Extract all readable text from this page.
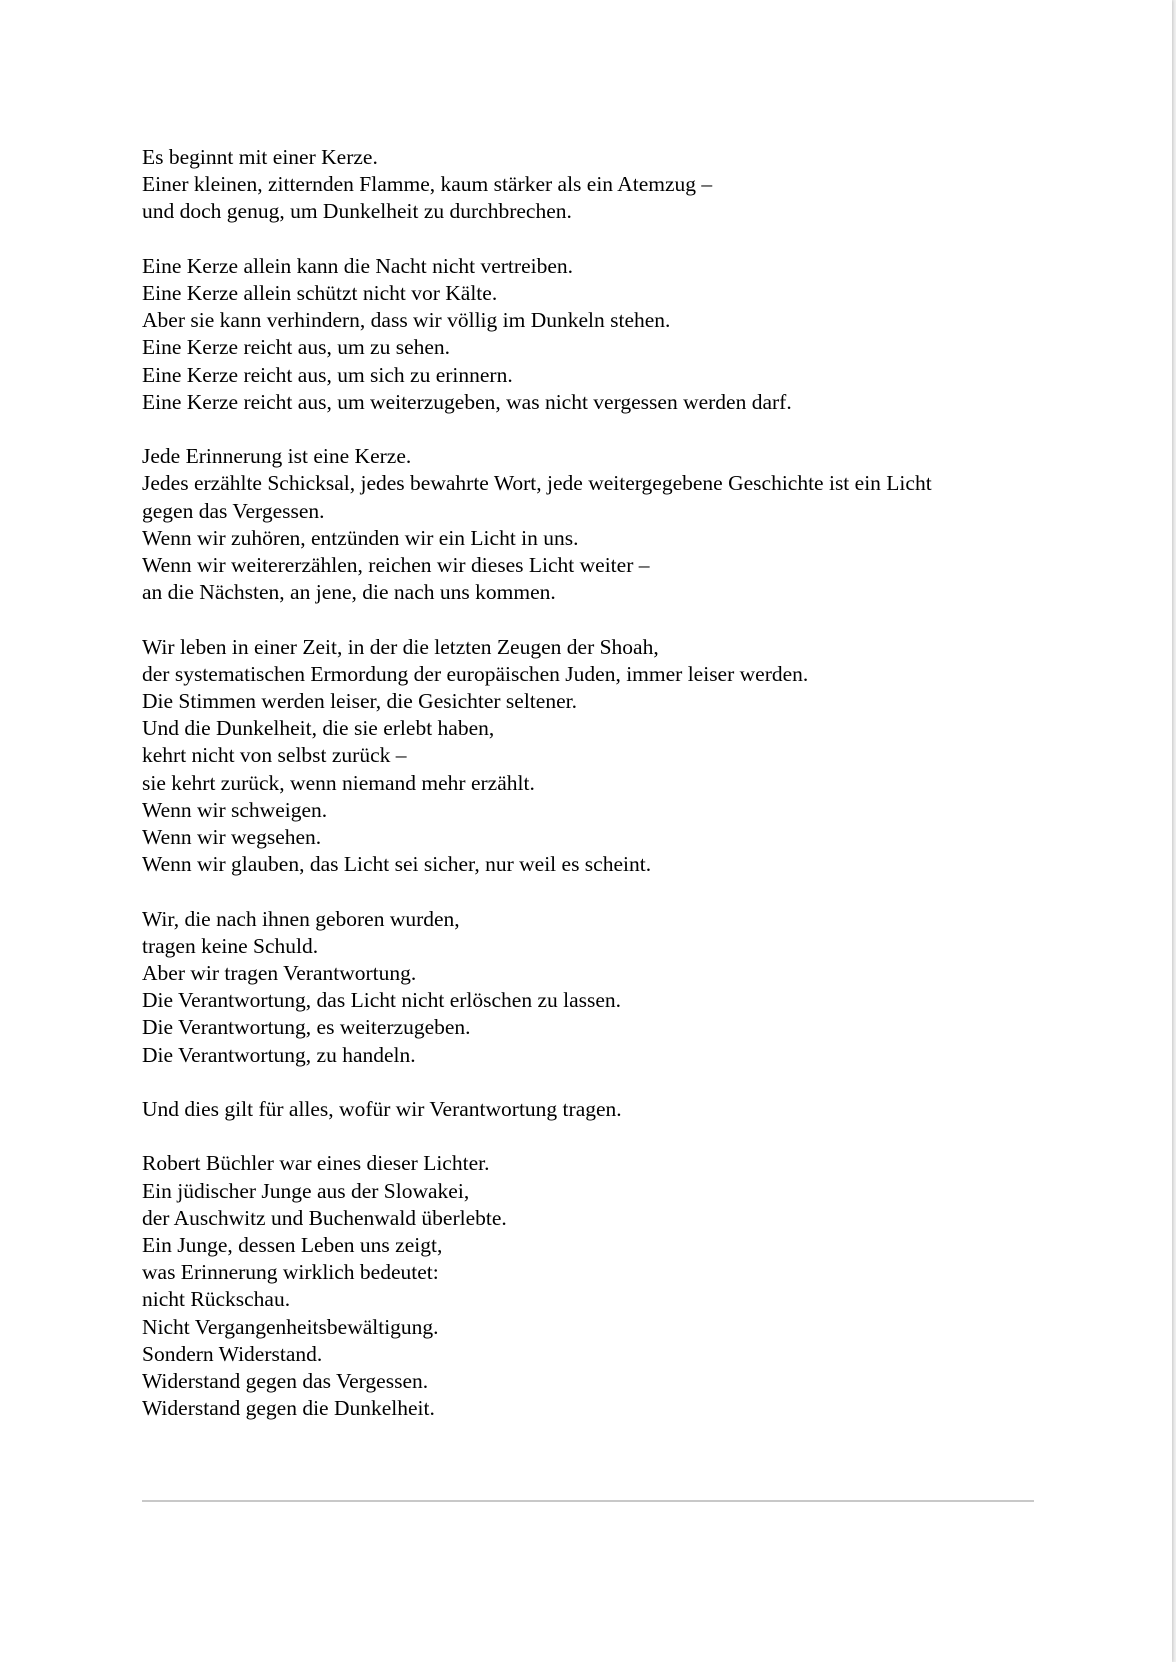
Es beginnt mit einer Kerze.
Einer kleinen, zitternden Flamme, kaum stärker als ein Atemzug –
und doch genug, um Dunkelheit zu durchbrechen.
Eine Kerze allein kann die Nacht nicht vertreiben.
Eine Kerze allein schützt nicht vor Kälte.
Aber sie kann verhindern, dass wir völlig im Dunkeln stehen.
Eine Kerze reicht aus, um zu sehen.
Eine Kerze reicht aus, um sich zu erinnern.
Eine Kerze reicht aus, um weiterzugeben, was nicht vergessen werden darf.
Jede Erinnerung ist eine Kerze.
Jedes erzählte Schicksal, jedes bewahrte Wort, jede weitergegebene Geschichte ist ein Licht
gegen das Vergessen.
Wenn wir zuhören, entzünden wir ein Licht in uns.
Wenn wir weitererzählen, reichen wir dieses Licht weiter –
an die Nächsten, an jene, die nach uns kommen.
Wir leben in einer Zeit, in der die letzten Zeugen der Shoah,
der systematischen Ermordung der europäischen Juden, immer leiser werden.
Die Stimmen werden leiser, die Gesichter seltener.
Und die Dunkelheit, die sie erlebt haben,
kehrt nicht von selbst zurück –
sie kehrt zurück, wenn niemand mehr erzählt.
Wenn wir schweigen.
Wenn wir wegsehen.
Wenn wir glauben, das Licht sei sicher, nur weil es scheint.
Wir, die nach ihnen geboren wurden,
tragen keine Schuld.
Aber wir tragen Verantwortung.
Die Verantwortung, das Licht nicht erlöschen zu lassen.
Die Verantwortung, es weiterzugeben.
Die Verantwortung, zu handeln.
Und dies gilt für alles, wofür wir Verantwortung tragen.
Robert Büchler war eines dieser Lichter.
Ein jüdischer Junge aus der Slowakei,
der Auschwitz und Buchenwald überlebte.
Ein Junge, dessen Leben uns zeigt,
was Erinnerung wirklich bedeutet:
nicht Rückschau.
Nicht Vergangenheitsbewältigung.
Sondern Widerstand.
Widerstand gegen das Vergessen.
Widerstand gegen die Dunkelheit.
